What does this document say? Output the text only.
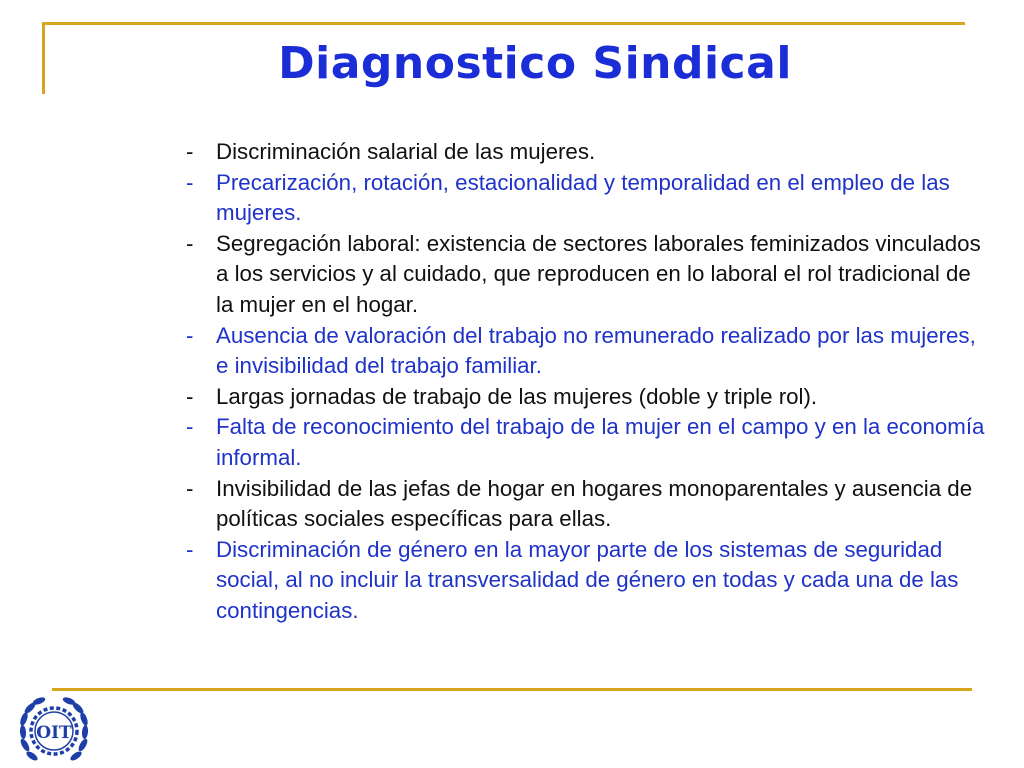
Diagnostico Sindical
- Discriminación salarial de las mujeres.
- Precarización, rotación, estacionalidad y temporalidad en el empleo de las mujeres.
- Segregación laboral: existencia de sectores laborales feminizados vinculados a los servicios y al cuidado, que reproducen en lo laboral el rol tradicional de la mujer en el hogar.
- Ausencia de valoración del trabajo no remunerado realizado por las mujeres, e invisibilidad del trabajo familiar.
- Largas jornadas de trabajo de las mujeres (doble y triple rol).
- Falta de reconocimiento del trabajo de la mujer en el campo y en la economía informal.
- Invisibilidad de las jefas de hogar en hogares monoparentales y ausencia de políticas sociales específicas para ellas.
- Discriminación de género en la mayor parte de los sistemas de seguridad social, al no incluir la transversalidad de género en todas y cada una de las contingencias.
OIT
